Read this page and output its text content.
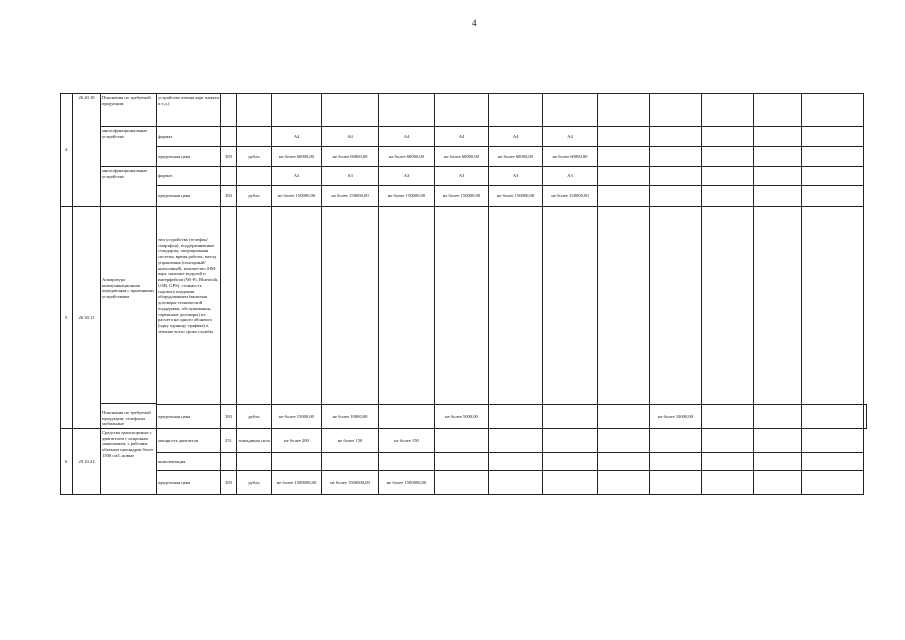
4
4.	26.20.18	Пояснения по требуемой продукции:	устройства чтения карт памяти и т.д.)														
		многофункциональные устройства	формат			A4	A4	A4	A4	A4	A4						
			предельная цена	383	рубль	не более 60000,00	не более 60000,00	не более 60000,00	не более 60000,00	не более 60000,00	не более 60000,00						
		многофункциональные устройства	формат			A3	A3	A3	A3	A3	A3						
			предельная цена	383	рубль	не более 150000,00	не более 150000,00	не более 150000,00	не более 150000,00	не более 150000,00	не более 150000,00						
5.	26.30.11	Аппаратура коммуникационная передающая с приемными устройствами	тип устройства (телефон/смартфон), поддерживаемые стандарты, операционная система, время работы, метод управления (сенсорный/кнопочный), количество SIM-карт, наличие модулей и интерфейсов (Wi-Fi, Bluetooth, USB, GPS), стоимость годового владения оборудованием (включая договоры технической поддержки, обслуживания, сервисные договоры) из расчета на одного абонента (одну единицу трафика) в течение всего срока службы														
		Пояснения по требуемой продукции: телефоны мобильные															
			предельная цена	383	рубль	не более 15000,00	не более 10000,00		не более 5000,00				не более 10000,00				
6.	29.10.22	Средства транспортные с двигателем с искровым зажиганием, с рабочим объемом цилиндров более 1500 см3, новые	мощность двигателя	251	лошадиная сила	не более 200	не более 150	не более 150									
			комплектация														
			предельная цена	383	рубль	не более 1500000,00	не более 1500000,00	не более 1500000,00									
